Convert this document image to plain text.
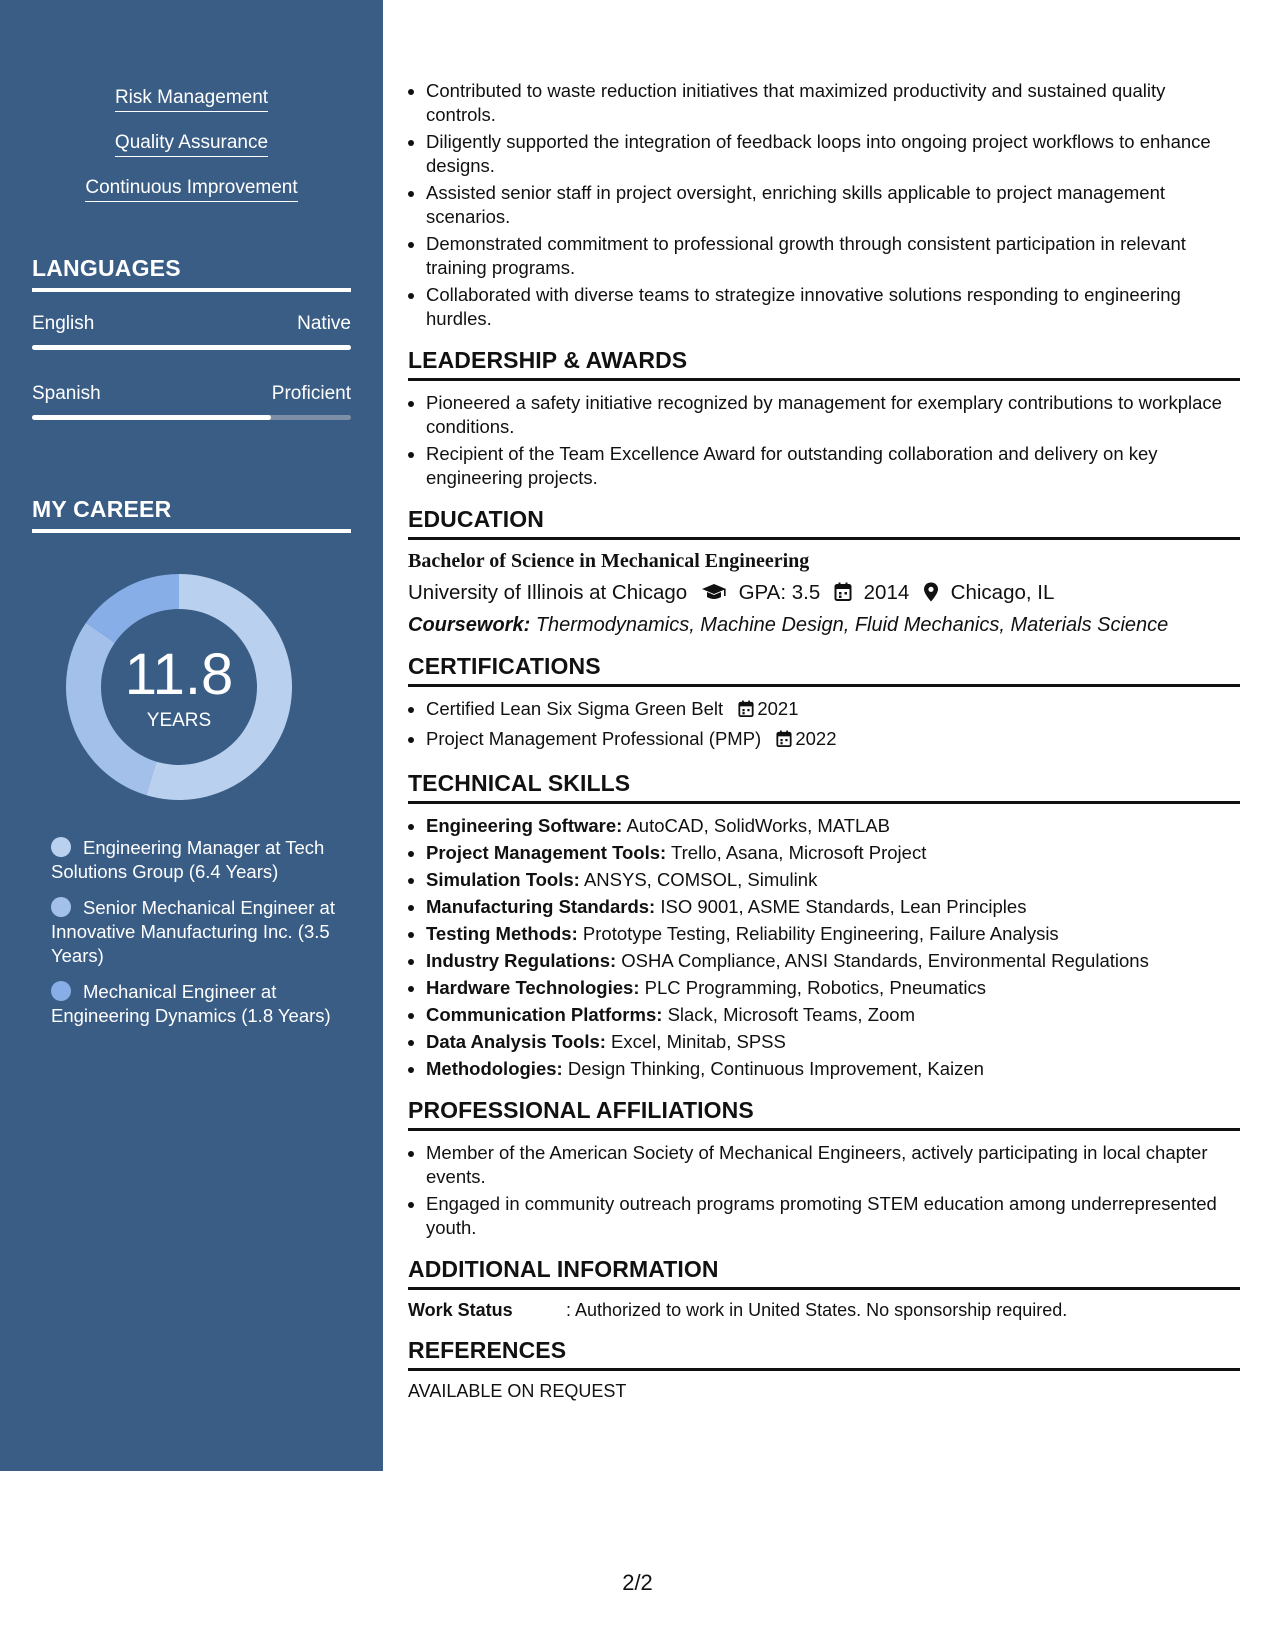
Risk Management
Quality Assurance
Continuous Improvement
LANGUAGES
English	Native
Spanish	Proficient
MY CAREER
11.8
YEARS
Engineering Manager at Tech Solutions Group (6.4 Years)
Senior Mechanical Engineer at Innovative Manufacturing Inc. (3.5 Years)
Mechanical Engineer at Engineering Dynamics (1.8 Years)
• Contributed to waste reduction initiatives that maximized productivity and sustained quality controls.
• Diligently supported the integration of feedback loops into ongoing project workflows to enhance designs.
• Assisted senior staff in project oversight, enriching skills applicable to project management scenarios.
• Demonstrated commitment to professional growth through consistent participation in relevant training programs.
• Collaborated with diverse teams to strategize innovative solutions responding to engineering hurdles.
LEADERSHIP & AWARDS
• Pioneered a safety initiative recognized by management for exemplary contributions to workplace conditions.
• Recipient of the Team Excellence Award for outstanding collaboration and delivery on key engineering projects.
EDUCATION
Bachelor of Science in Mechanical Engineering
University of Illinois at Chicago	GPA: 3.5 2014 Chicago, IL
Coursework: Thermodynamics, Machine Design, Fluid Mechanics, Materials Science
CERTIFICATIONS
• Certified Lean Six Sigma Green Belt 2021
• Project Management Professional (PMP) 2022
TECHNICAL SKILLS
• Engineering Software: AutoCAD, SolidWorks, MATLAB
• Project Management Tools: Trello, Asana, Microsoft Project
• Simulation Tools: ANSYS, COMSOL, Simulink
• Manufacturing Standards: ISO 9001, ASME Standards, Lean Principles
• Testing Methods: Prototype Testing, Reliability Engineering, Failure Analysis
• Industry Regulations: OSHA Compliance, ANSI Standards, Environmental Regulations
• Hardware Technologies: PLC Programming, Robotics, Pneumatics
• Communication Platforms: Slack, Microsoft Teams, Zoom
• Data Analysis Tools: Excel, Minitab, SPSS
• Methodologies: Design Thinking, Continuous Improvement, Kaizen
PROFESSIONAL AFFILIATIONS
• Member of the American Society of Mechanical Engineers, actively participating in local chapter events.
• Engaged in community outreach programs promoting STEM education among underrepresented youth.
ADDITIONAL INFORMATION
Work Status	: Authorized to work in United States. No sponsorship required.
REFERENCES
AVAILABLE ON REQUEST
2/2
